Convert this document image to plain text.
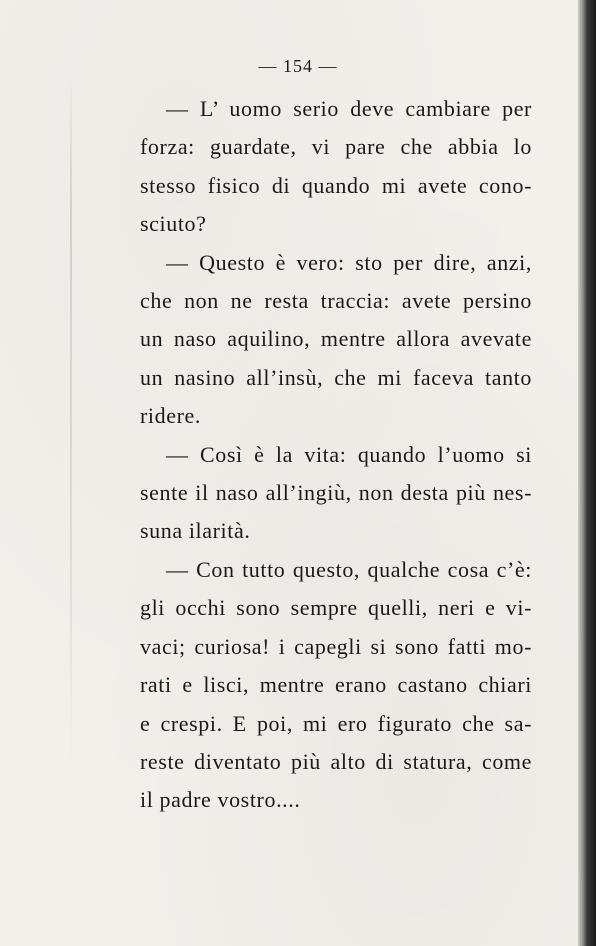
— 154 —
— L’ uomo serio deve cambiare per
forza: guardate, vi pare che abbia lo
stesso fisico di quando mi avete cono-
sciuto?
— Questo è vero: sto per dire, anzi,
che non ne resta traccia: avete persino
un naso aquilino, mentre allora avevate
un nasino all’insù, che mi faceva tanto
ridere.
— Così è la vita: quando l’uomo si
sente il naso all’ingiù, non desta più nes-
suna ilarità.
— Con tutto questo, qualche cosa c’è:
gli occhi sono sempre quelli, neri e vi-
vaci; curiosa! i capegli si sono fatti mo-
rati e lisci, mentre erano castano chiari
e crespi. E poi, mi ero figurato che sa-
reste diventato più alto di statura, come
il padre vostro....
